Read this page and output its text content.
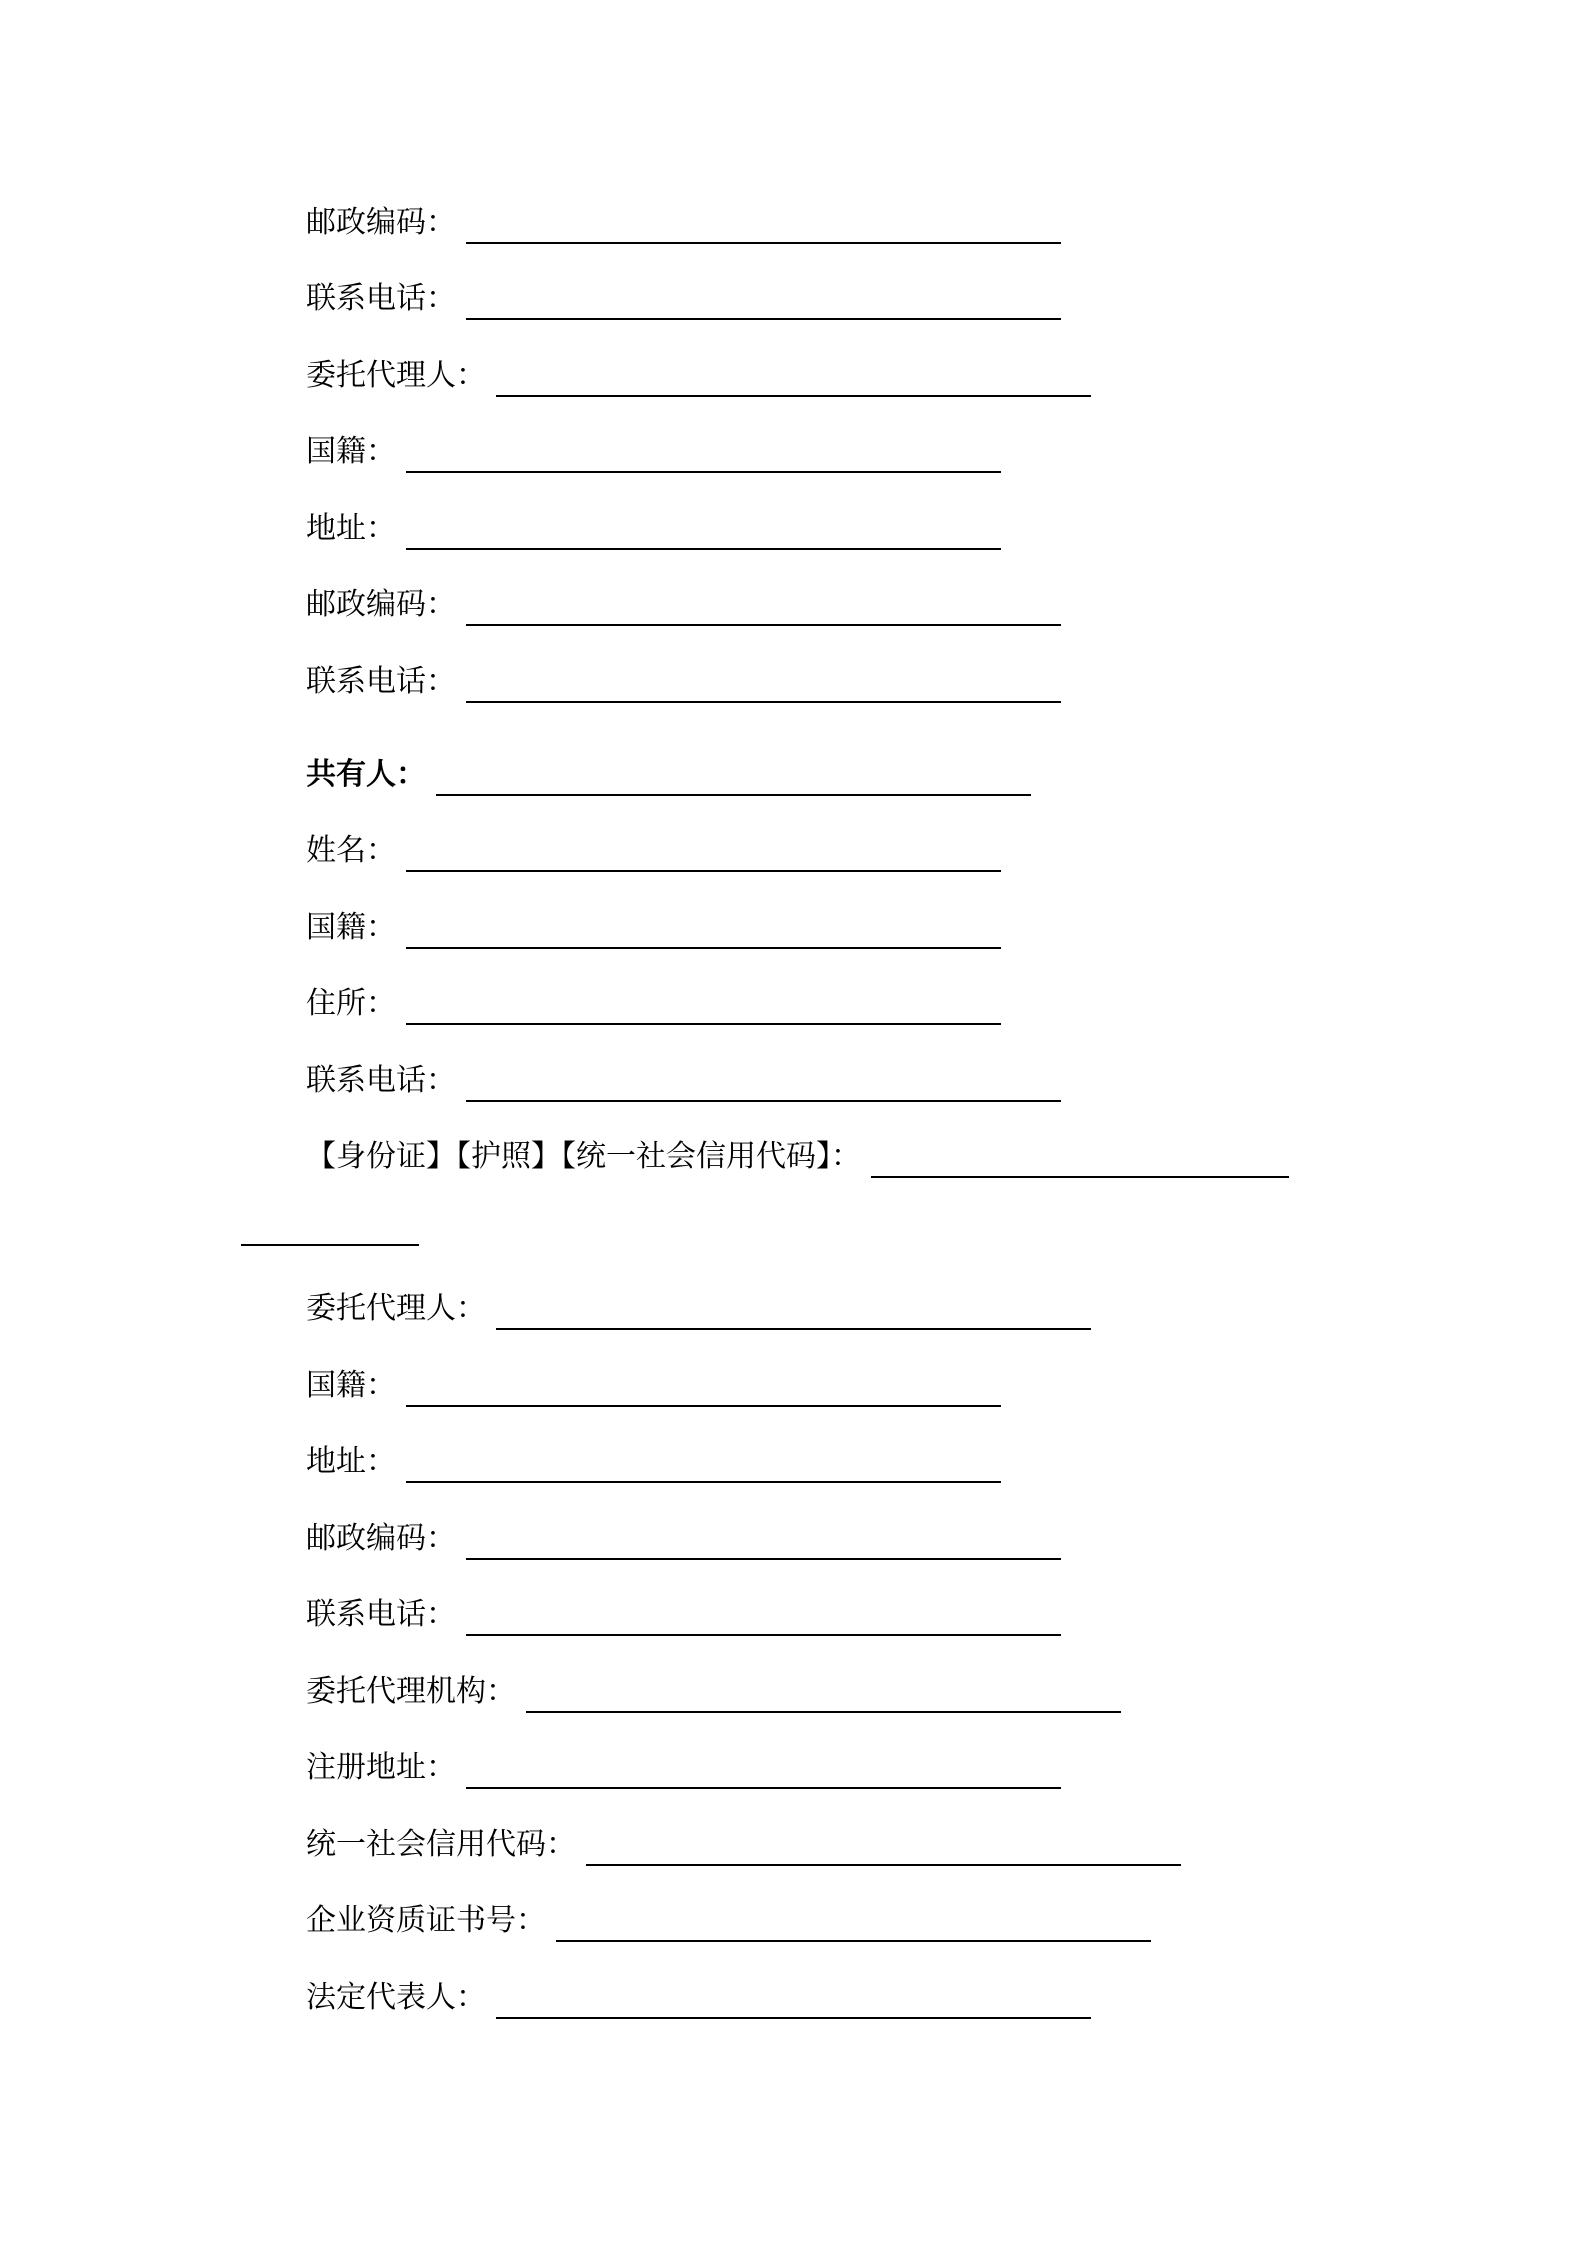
邮政编码：
联系电话：
委托代理人：
国籍：
地址：
邮政编码：
联系电话：
共有人：
姓名：
国籍：
住所：
联系电话：
【身份证】【护照】【统一社会信用代码】：
委托代理人：
国籍：
地址：
邮政编码：
联系电话：
委托代理机构：
注册地址：
统一社会信用代码：
企业资质证书号：
法定代表人：
